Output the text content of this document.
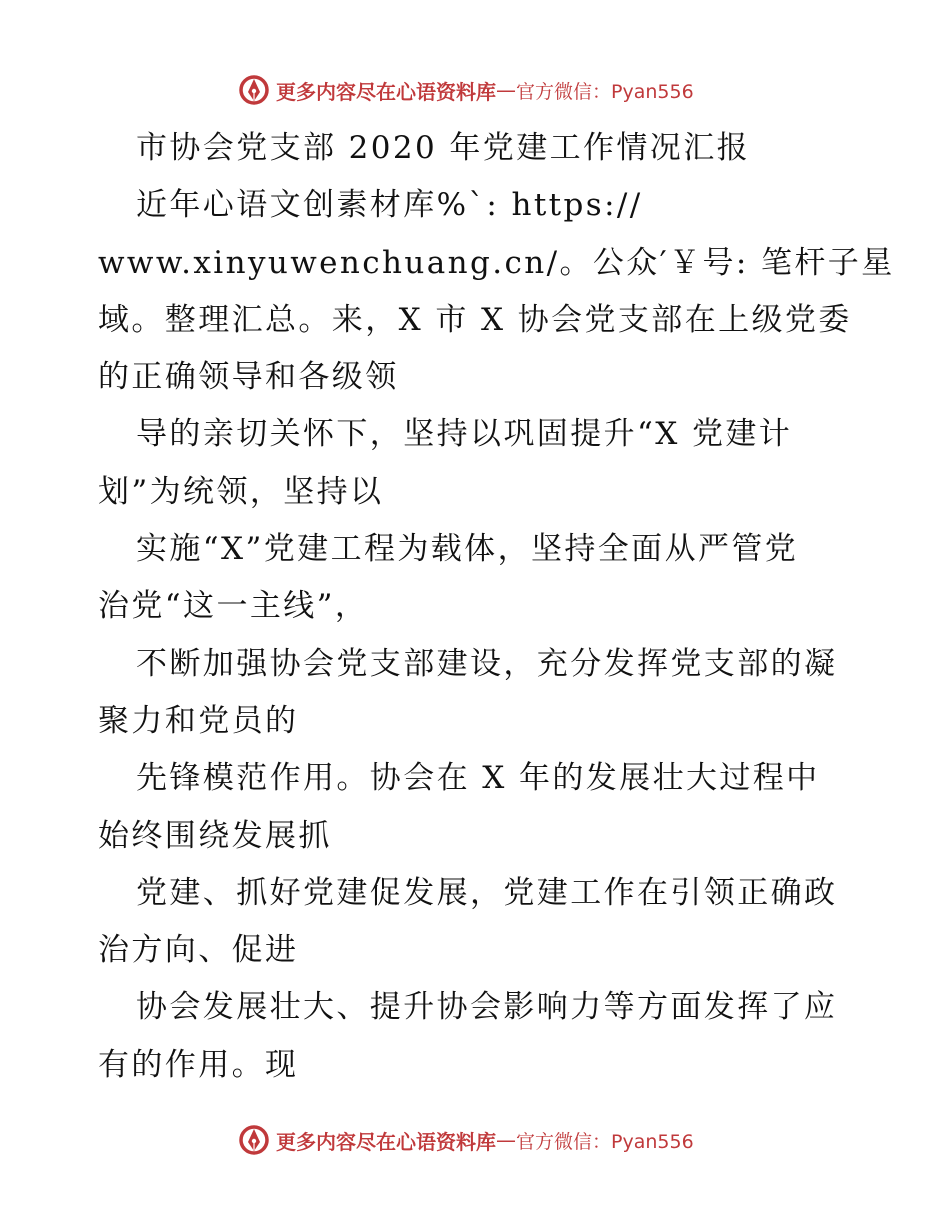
更多内容尽在心语资料库 — 官方微信：Pyan556
市协会党支部 2020 年党建工作情况汇报
近年心语文创素材库%ˋ: https://
www.xinyuwenchuang.cn/。公众′￥号: 笔杆子星
域。整理汇总。来，X 市 X 协会党支部在上级党委
的正确领导和各级领
导的亲切关怀下，坚持以巩固提升“X 党建计
划”为统领，坚持以
实施“X”党建工程为载体，坚持全面从严管党
治党“这一主线”，
不断加强协会党支部建设，充分发挥党支部的凝
聚力和党员的
先锋模范作用。协会在 X 年的发展壮大过程中
始终围绕发展抓
党建、抓好党建促发展，党建工作在引领正确政
治方向、促进
协会发展壮大、提升协会影响力等方面发挥了应
有的作用。现
更多内容尽在心语资料库 — 官方微信：Pyan556
